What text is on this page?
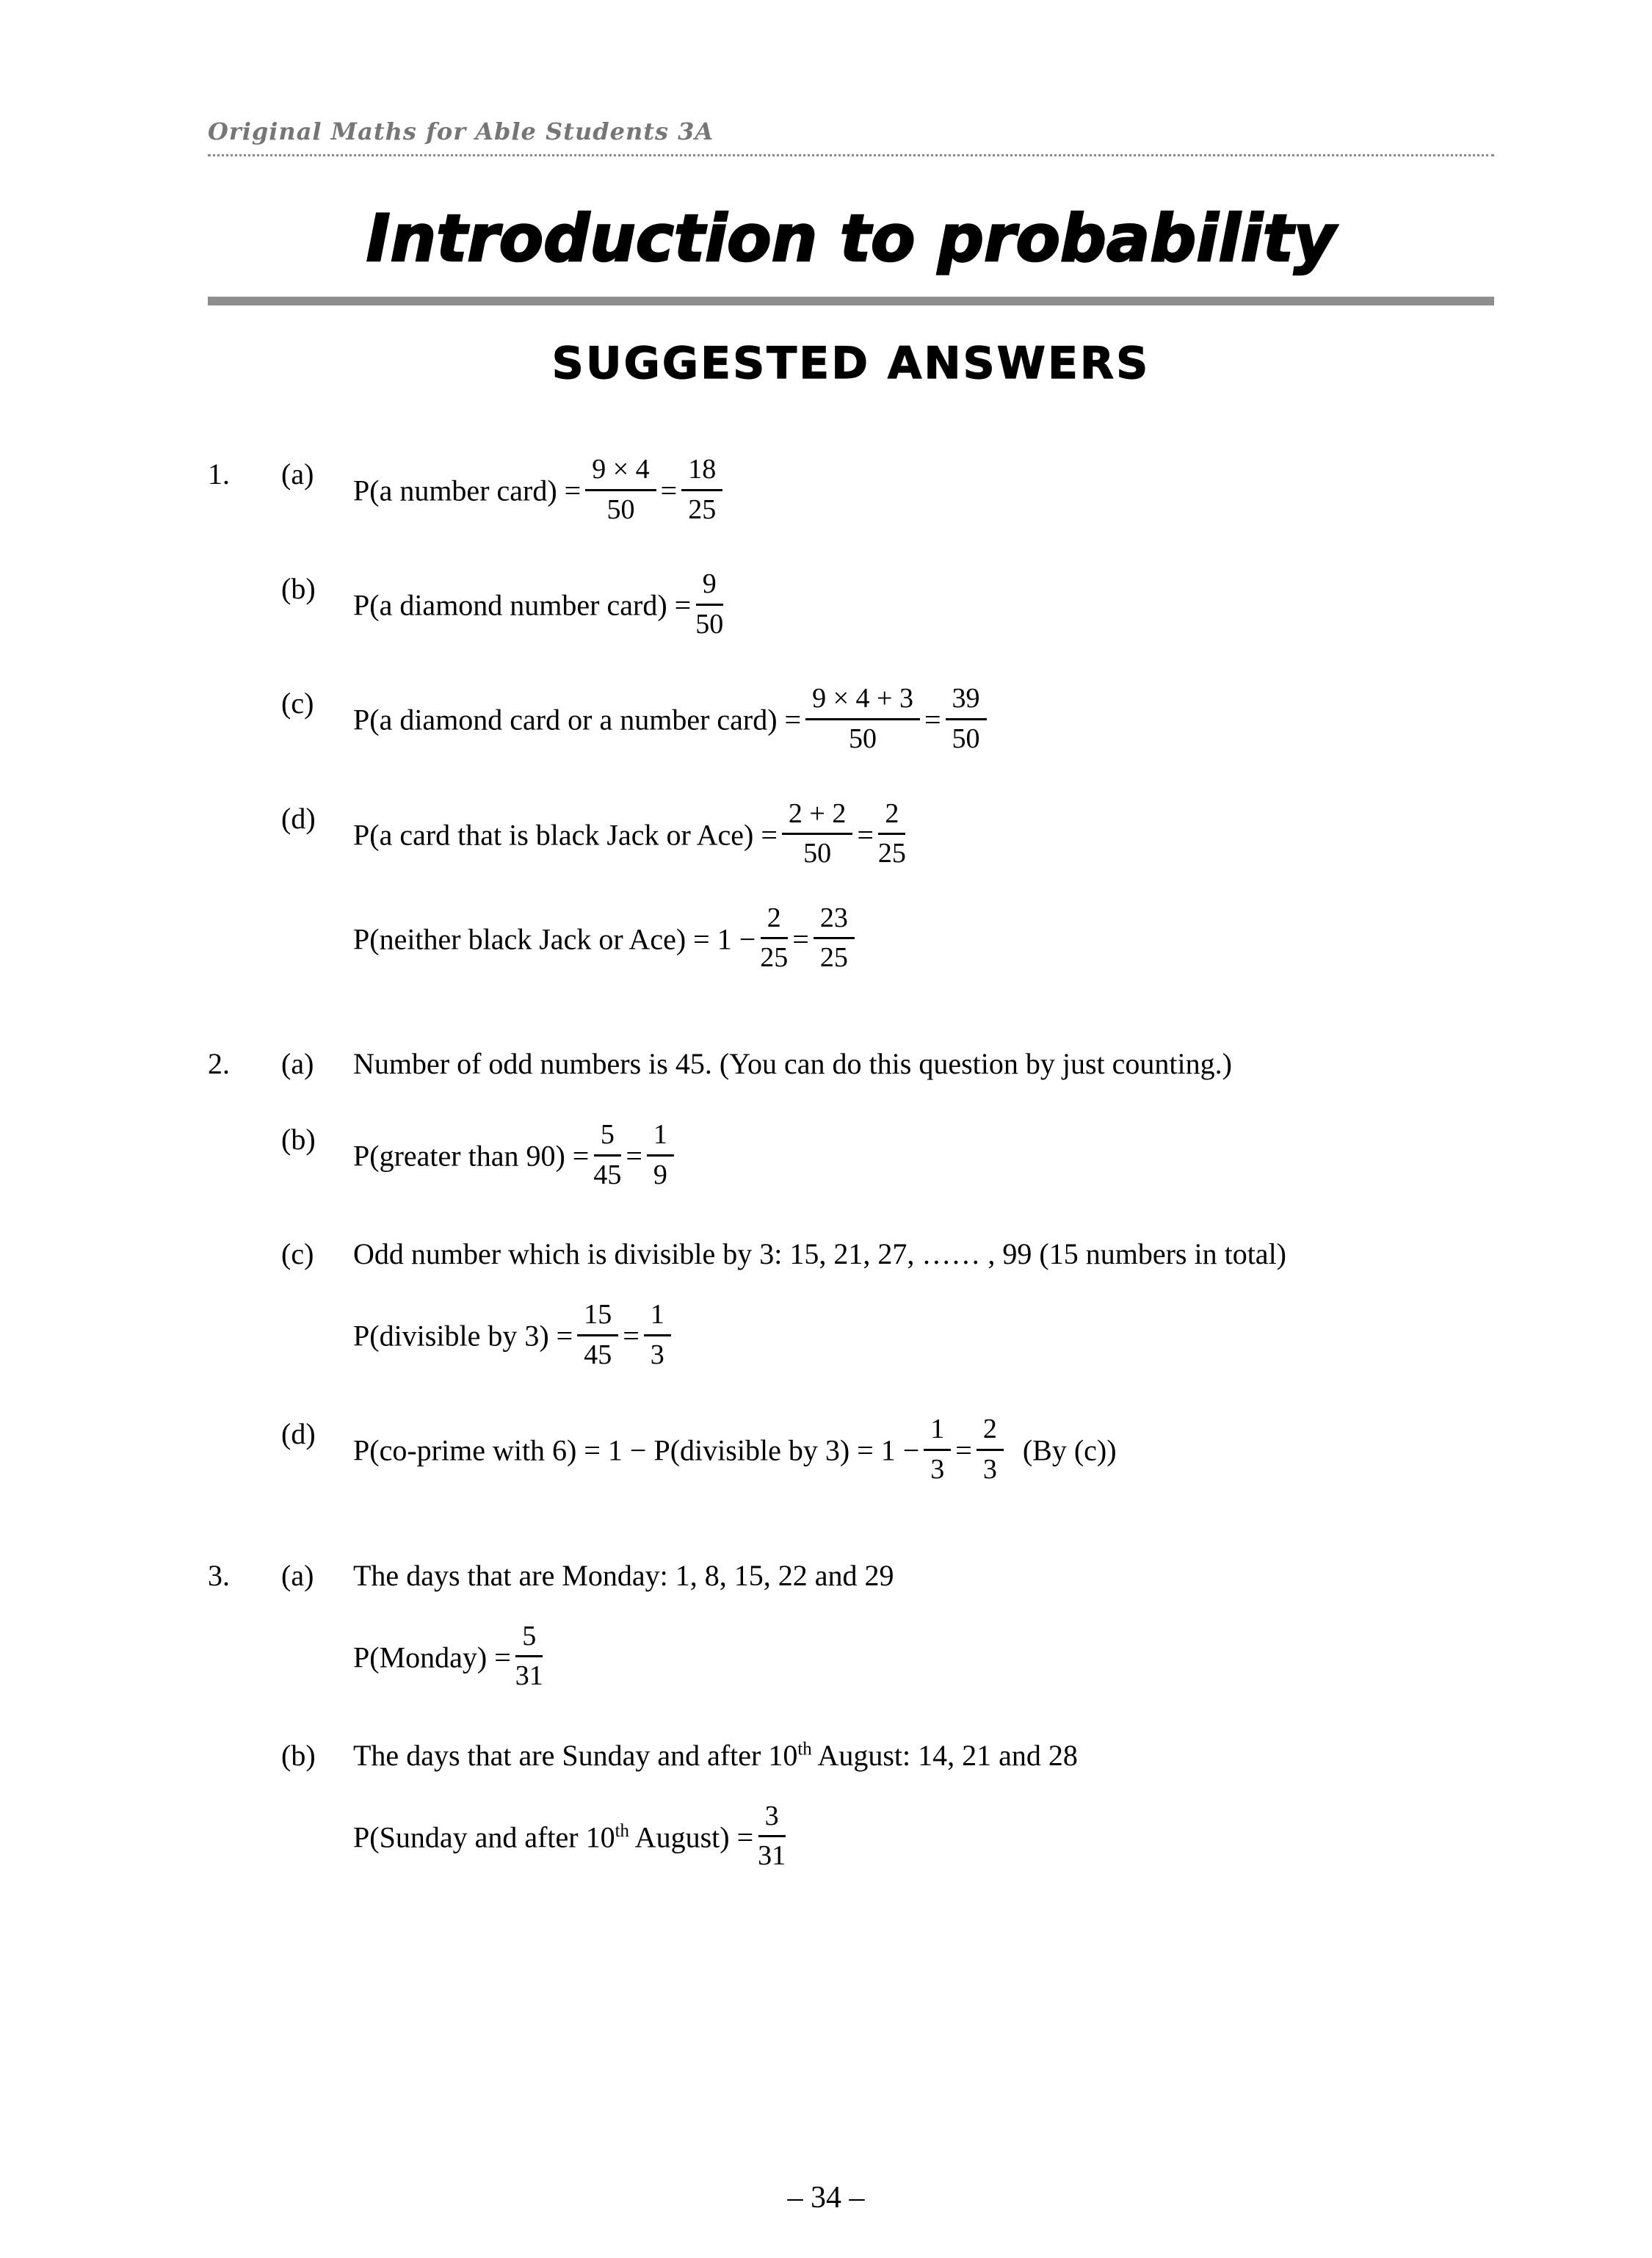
Original Maths for Able Students 3A
Introduction to probability
SUGGESTED ANSWERS
1.	(a)	P(a number card) = $\frac{9 \times 4}{50} = \frac{18}{25}$
(b)	P(a diamond number card) = $\frac{9}{50}$
(c)	P(a diamond card or a number card) = $\frac{9 \times 4 + 3}{50} = \frac{39}{50}$
(d)	P(a card that is black Jack or $Ace) = \frac{2 + 2}{50} = \frac{2}{25}$
P(neither black Jack or $Ace) = 1 - \frac{2}{25} = \frac{23}{25}$
2.	(a)	Number of odd numbers is 45. (You can do this question by just counting.)
(b)	P(greater than $90) = \frac{5}{45} = \frac{1}{9}$
(c)	Odd number which is divisible by 3: 15, 21, 27, …… , 99 (15 numbers in total)
P(divisible by $3) = \frac{15}{45} = \frac{1}{3}$
(d)	P(co-prime with 6) = 1 − P(divisible by $3) = 1 - \frac{1}{3} = \frac{2}{3} (By$ (c))
3.	(a)	The days that are Monday: 1, 8, 15, 22 and 29
P(Monday) = $\frac{5}{31}$
(b)	The days that are Sunday and after 10th August: 14, 21 and 28
P(Sunday and after 10th August) = $\frac{3}{31}$
– 34 –
